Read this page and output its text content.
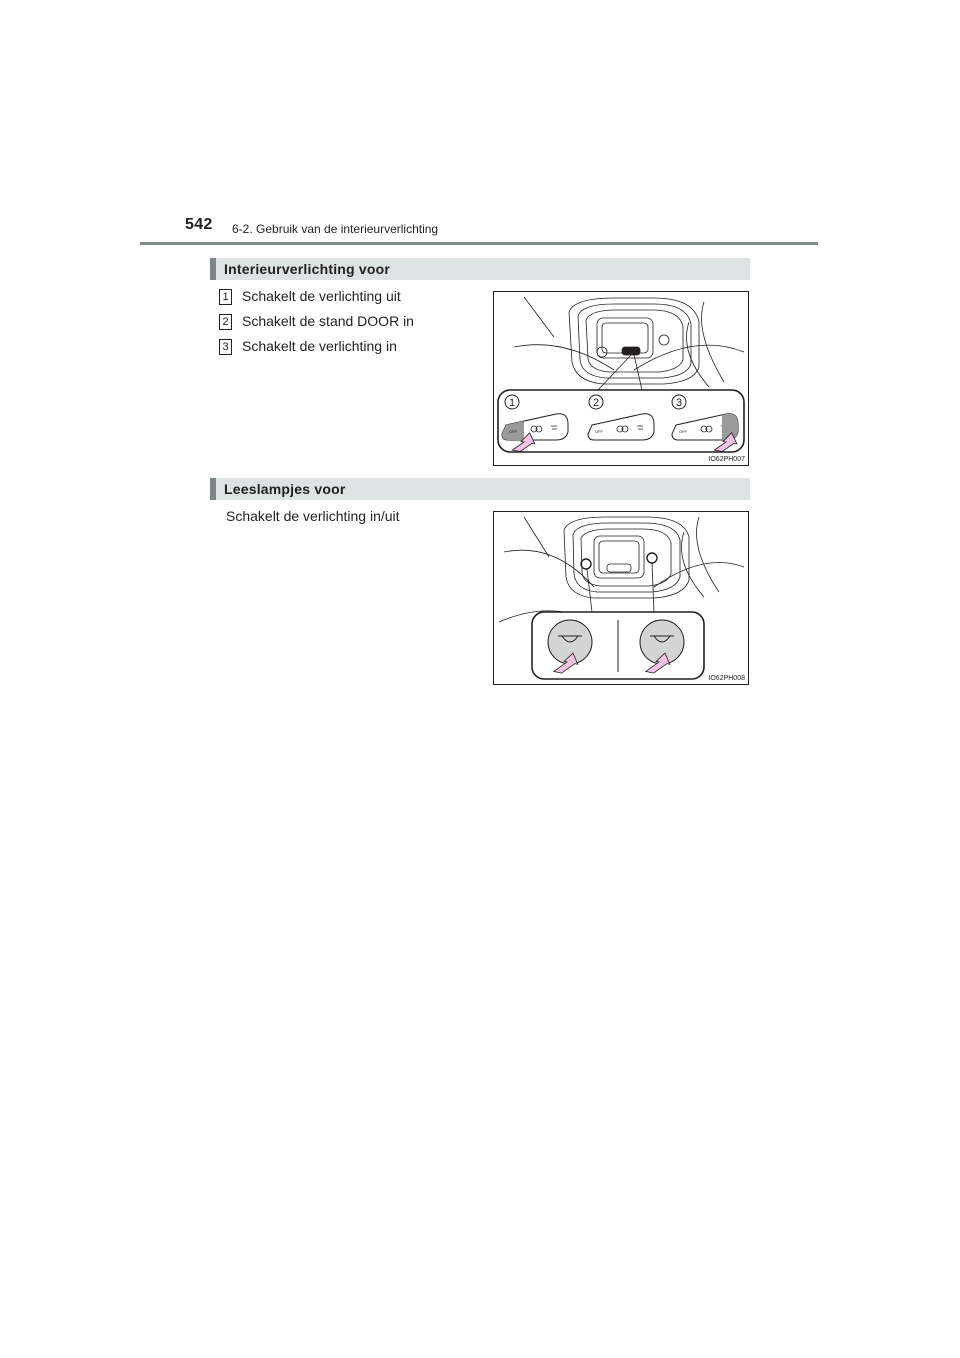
542 6-2. Gebruik van de interieurverlichting
Interieurverlichting voor
1 Schakelt de verlichting uit
2 Schakelt de stand DOOR in
3 Schakelt de verlichting in
1	2	3
OFF	OFF	OFF
IO62PH007
Leeslampjes voor
Schakelt de verlichting in/uit
IO62PH008
